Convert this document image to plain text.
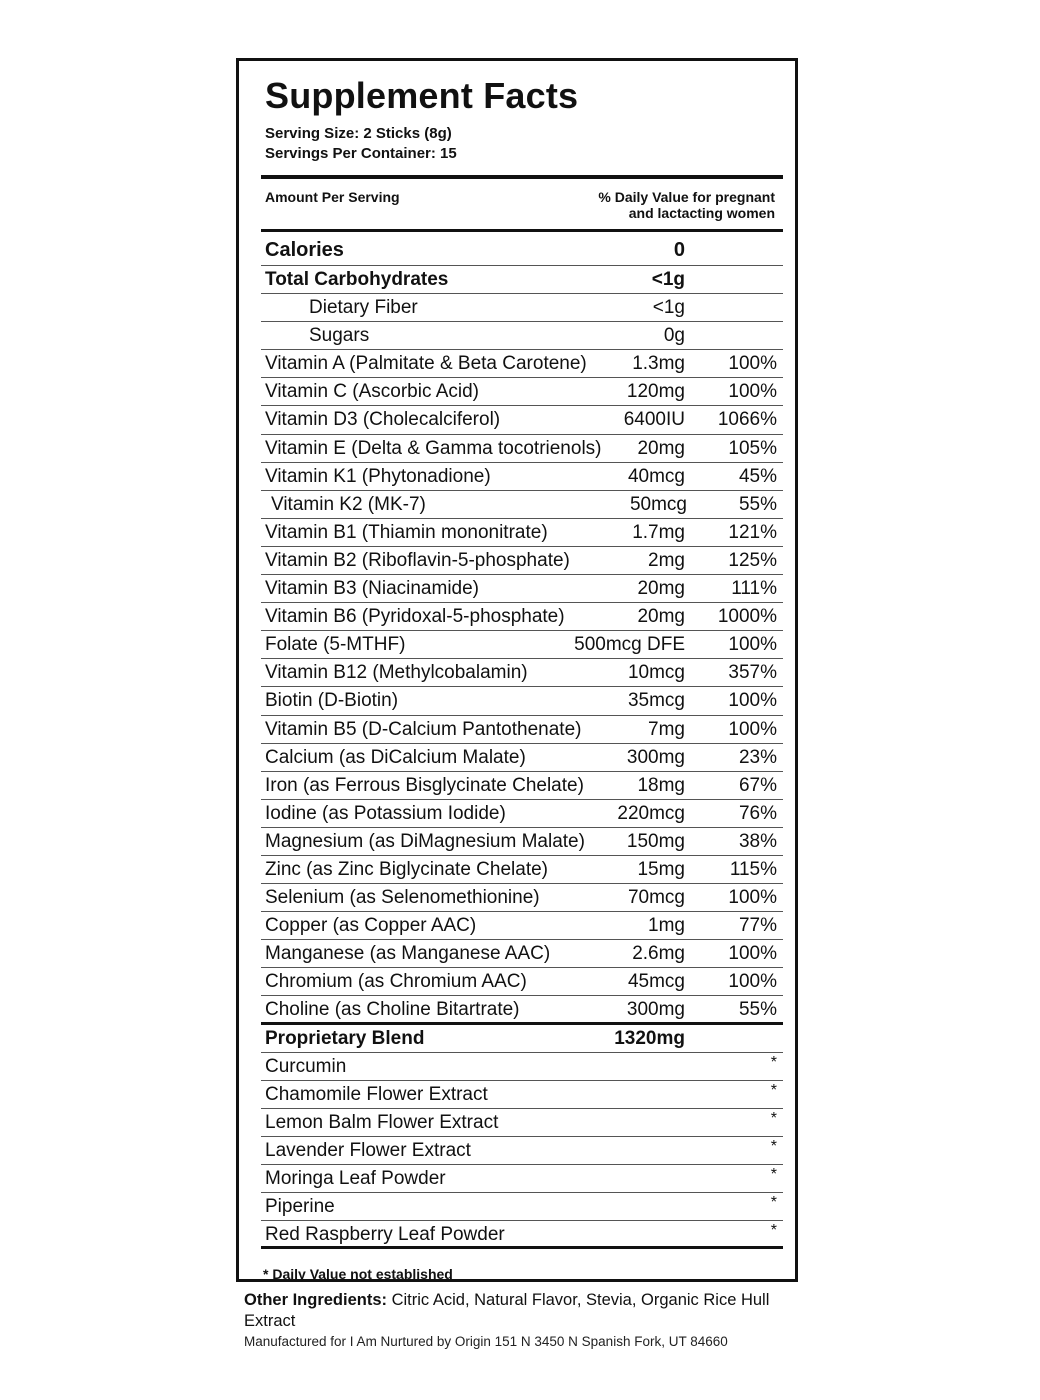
Supplement Facts
Serving Size: 2 Sticks (8g)
Servings Per Container: 15
Amount Per Serving	% Daily Value for pregnant
and lactacting women
Calories	0
Total Carbohydrates	<1g
Dietary Fiber	<1g
Sugars	0g
Vitamin A (Palmitate & Beta Carotene) 1.3mg 100%
Vitamin C (Ascorbic Acid)	120mg 100%
Vitamin D3 (Cholecalciferol)	6400IU 1066%
Vitamin E (Delta & Gamma tocotrienols) 20mg 105%
Vitamin K1 (Phytonadione)	40mcg	45%
Vitamin K2 (MK-7)	50mcg	55%
Vitamin B1 (Thiamin mononitrate)	1.7mg 121%
Vitamin B2 (Riboflavin-5-phosphate)	2mg 125%
Vitamin B3 (Niacinamide)	20mg 111%
Vitamin B6 (Pyridoxal-5-phosphate)	20mg 1000%
Folate (5-MTHF)	500mcg DFE 100%
Vitamin B12 (Methylcobalamin)	10mcg 357%
Biotin (D-Biotin)	35mcg 100%
Vitamin B5 (D-Calcium Pantothenate)	7mg 100%
Calcium (as DiCalcium Malate)	300mg	23%
Iron (as Ferrous Bisglycinate Chelate)	18mg	67%
Iodine (as Potassium Iodide)	220mcg	76%
Magnesium (as DiMagnesium Malate) 150mg	38%
Zinc (as Zinc Biglycinate Chelate)	15mg 115%
Selenium (as Selenomethionine)	70mcg 100%
Copper (as Copper AAC)	1mg	77%
Manganese (as Manganese AAC)	2.6mg 100%
Chromium (as Chromium AAC)	45mcg 100%
Choline (as Choline Bitartrate)	300mg	55%
Proprietary Blend	1320mg
Curcumin	*
Chamomile Flower Extract	*
Lemon Balm Flower Extract	*
Lavender Flower Extract	*
Moringa Leaf Powder	*
Piperine	*
Red Raspberry Leaf Powder	*
* Daily Value not established
Other Ingredients: Citric Acid, Natural Flavor, Stevia, Organic Rice Hull Extract
Manufactured for I Am Nurtured by Origin 151 N 3450 N Spanish Fork, UT 84660
